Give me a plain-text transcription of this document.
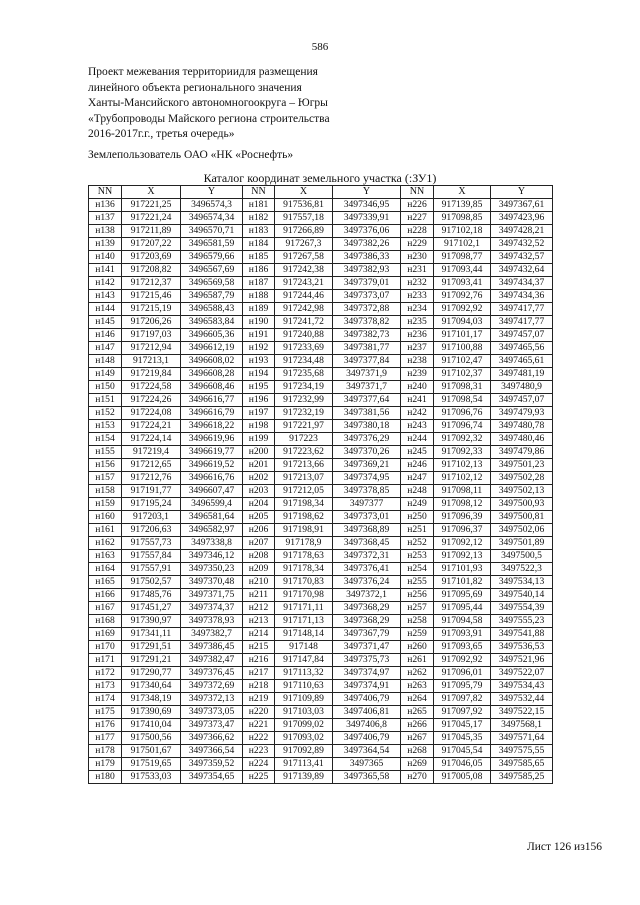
586
Проект межевания территориидля размещения
линейного объекта регионального значения
Ханты-Мансийского автономногоокруга – Югры
«Трубопроводы Майского региона строительства
2016-2017г.г., третья очередь»
Землепользователь ОАО «НК «Роснефть»
Каталог координат земельного участка (:ЗУ1)
NN	X	Y	NN	X	Y	NN	X	Y
н136	917221,25	3496574,3	н181	917536,81	3497346,95	н226	917139,85	3497367,61
н137	917221,24	3496574,34	н182	917557,18	3497339,91	н227	917098,85	3497423,96
н138	917211,89	3496570,71	н183	917266,89	3497376,06	н228	917102,18	3497428,21
н139	917207,22	3496581,59	н184	917267,3	3497382,26	н229	917102,1	3497432,52
н140	917203,69	3496579,66	н185	917267,58	3497386,33	н230	917098,77	3497432,57
н141	917208,82	3496567,69	н186	917242,38	3497382,93	н231	917093,44	3497432,64
н142	917212,37	3496569,58	н187	917243,21	3497379,01	н232	917093,41	3497434,37
н143	917215,46	3496587,79	н188	917244,46	3497373,07	н233	917092,76	3497434,36
н144	917215,19	3496588,43	н189	917242,98	3497372,88	н234	917092,92	3497417,77
н145	917206,26	3496583,84	н190	917241,72	3497378,82	н235	917094,03	3497417,77
н146	917197,03	3496605,36	н191	917240,88	3497382,73	н236	917101,17	3497457,07
н147	917212,94	3496612,19	н192	917233,69	3497381,77	н237	917100,88	3497465,56
н148	917213,1	3496608,02	н193	917234,48	3497377,84	н238	917102,47	3497465,61
н149	917219,84	3496608,28	н194	917235,68	3497371,9	н239	917102,37	3497481,19
н150	917224,58	3496608,46	н195	917234,19	3497371,7	н240	917098,31	3497480,9
н151	917224,26	3496616,77	н196	917232,99	3497377,64	н241	917098,54	3497457,07
н152	917224,08	3496616,79	н197	917232,19	3497381,56	н242	917096,76	3497479,93
н153	917224,21	3496618,22	н198	917221,97	3497380,18	н243	917096,74	3497480,78
н154	917224,14	3496619,96	н199	917223	3497376,29	н244	917092,32	3497480,46
н155	917219,4	3496619,77	н200	917223,62	3497370,26	н245	917092,33	3497479,86
н156	917212,65	3496619,52	н201	917213,66	3497369,21	н246	917102,13	3497501,23
н157	917212,76	3496616,76	н202	917213,07	3497374,95	н247	917102,12	3497502,28
н158	917191,77	3496607,47	н203	917212,05	3497378,85	н248	917098,11	3497502,13
н159	917195,24	3496599,4	н204	917198,34	3497377	н249	917098,12	3497500,93
н160	917203,1	3496581,64	н205	917198,62	3497373,01	н250	917096,39	3497500,81
н161	917206,63	3496582,97	н206	917198,91	3497368,89	н251	917096,37	3497502,06
н162	917557,73	3497338,8	н207	917178,9	3497368,45	н252	917092,12	3497501,89
н163	917557,84	3497346,12	н208	917178,63	3497372,31	н253	917092,13	3497500,5
н164	917557,91	3497350,23	н209	917178,34	3497376,41	н254	917101,93	3497522,3
н165	917502,57	3497370,48	н210	917170,83	3497376,24	н255	917101,82	3497534,13
н166	917485,76	3497371,75	н211	917170,98	3497372,1	н256	917095,69	3497540,14
н167	917451,27	3497374,37	н212	917171,11	3497368,29	н257	917095,44	3497554,39
н168	917390,97	3497378,93	н213	917171,13	3497368,29	н258	917094,58	3497555,23
н169	917341,11	3497382,7	н214	917148,14	3497367,79	н259	917093,91	3497541,88
н170	917291,51	3497386,45	н215	917148	3497371,47	н260	917093,65	3497536,53
н171	917291,21	3497382,47	н216	917147,84	3497375,73	н261	917092,92	3497521,96
н172	917290,77	3497376,45	н217	917113,32	3497374,97	н262	917096,01	3497522,07
н173	917340,64	3497372,69	н218	917110,63	3497374,91	н263	917095,79	3497534,43
н174	917348,19	3497372,13	н219	917109,89	3497406,79	н264	917097,82	3497532,44
н175	917390,69	3497373,05	н220	917103,03	3497406,81	н265	917097,92	3497522,15
н176	917410,04	3497373,47	н221	917099,02	3497406,8	н266	917045,17	3497568,1
н177	917500,56	3497366,62	н222	917093,02	3497406,79	н267	917045,35	3497571,64
н178	917501,67	3497366,54	н223	917092,89	3497364,54	н268	917045,54	3497575,55
н179	917519,65	3497359,52	н224	917113,41	3497365	н269	917046,05	3497585,65
н180	917533,03	3497354,65	н225	917139,89	3497365,58	н270	917005,08	3497585,25
Лист 126 из156
